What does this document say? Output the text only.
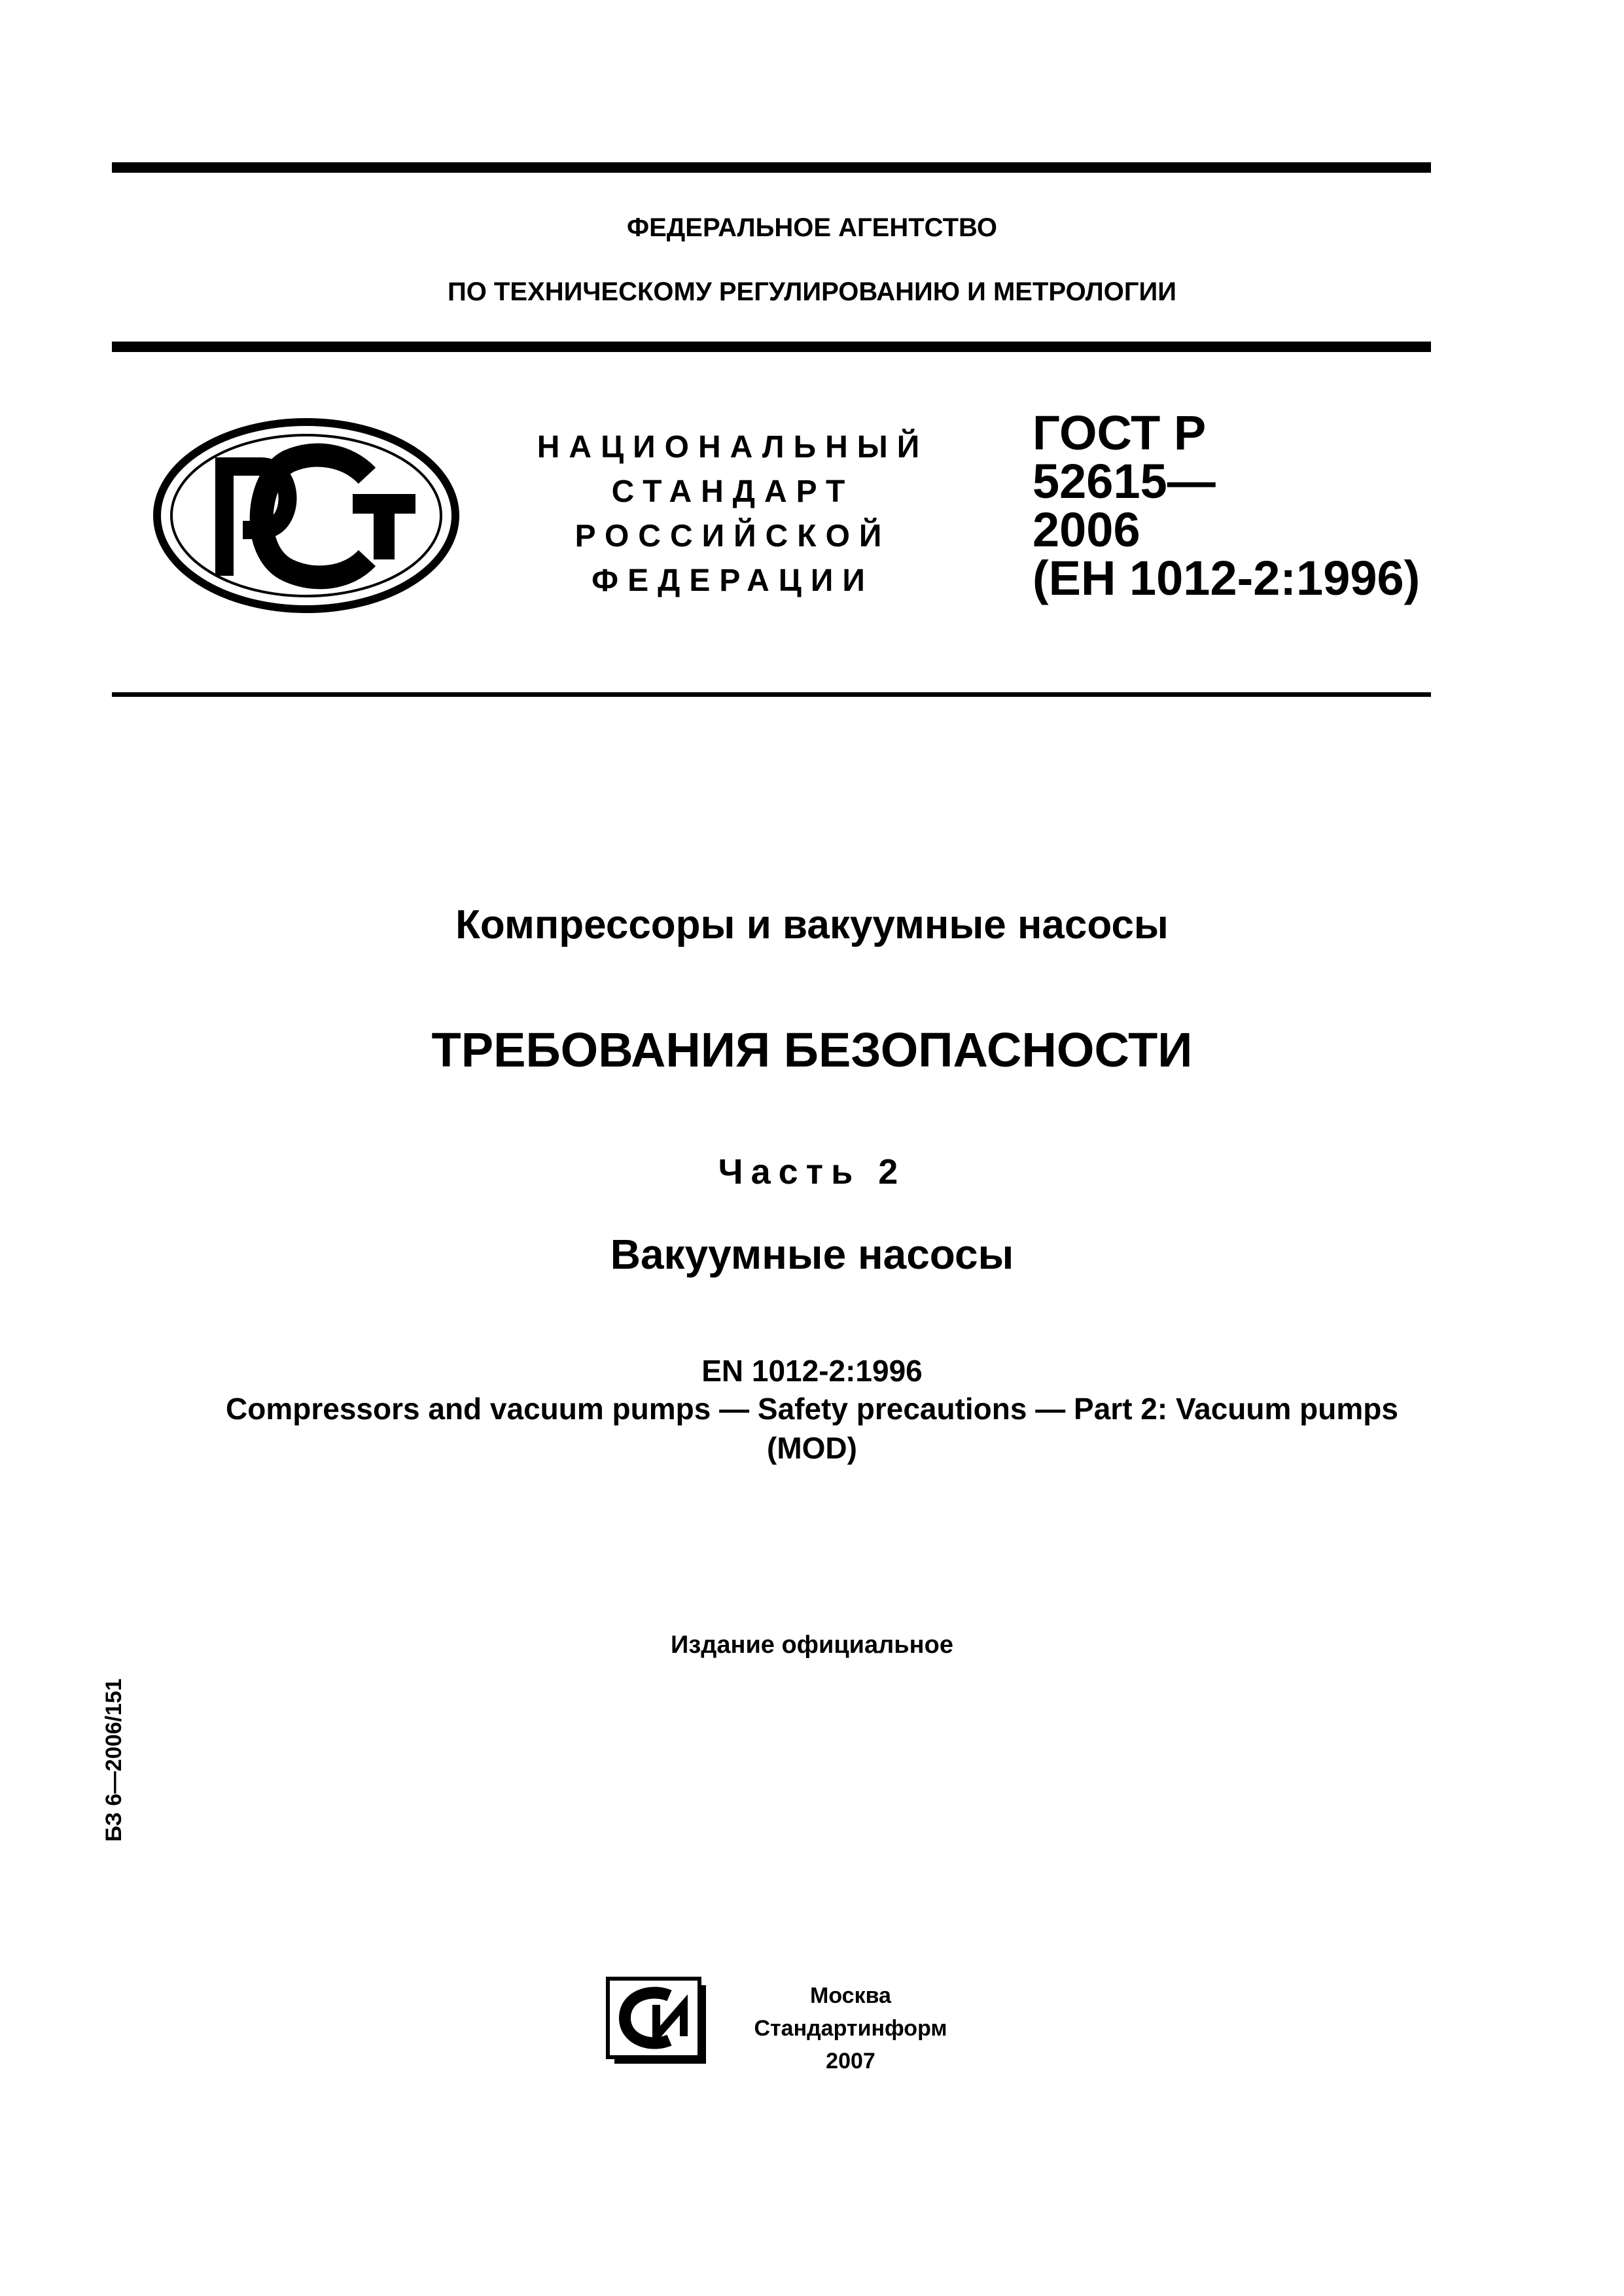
ФЕДЕРАЛЬНОЕ АГЕНТСТВО
ПО ТЕХНИЧЕСКОМУ РЕГУЛИРОВАНИЮ И МЕТРОЛОГИИ
НАЦИОНАЛЬНЫЙ
СТАНДАРТ
РОССИЙСКОЙ
ФЕДЕРАЦИИ
ГОСТ Р
52615—
2006
(ЕН 1012-2:1996)
Компрессоры и вакуумные насосы
ТРЕБОВАНИЯ БЕЗОПАСНОСТИ
Часть 2
Вакуумные насосы
EN 1012-2:1996
Compressors and vacuum pumps — Safety precautions — Part 2: Vacuum pumps
(MOD)
Издание официальное
БЗ 6—2006/151
Москва
Стандартинформ
2007
